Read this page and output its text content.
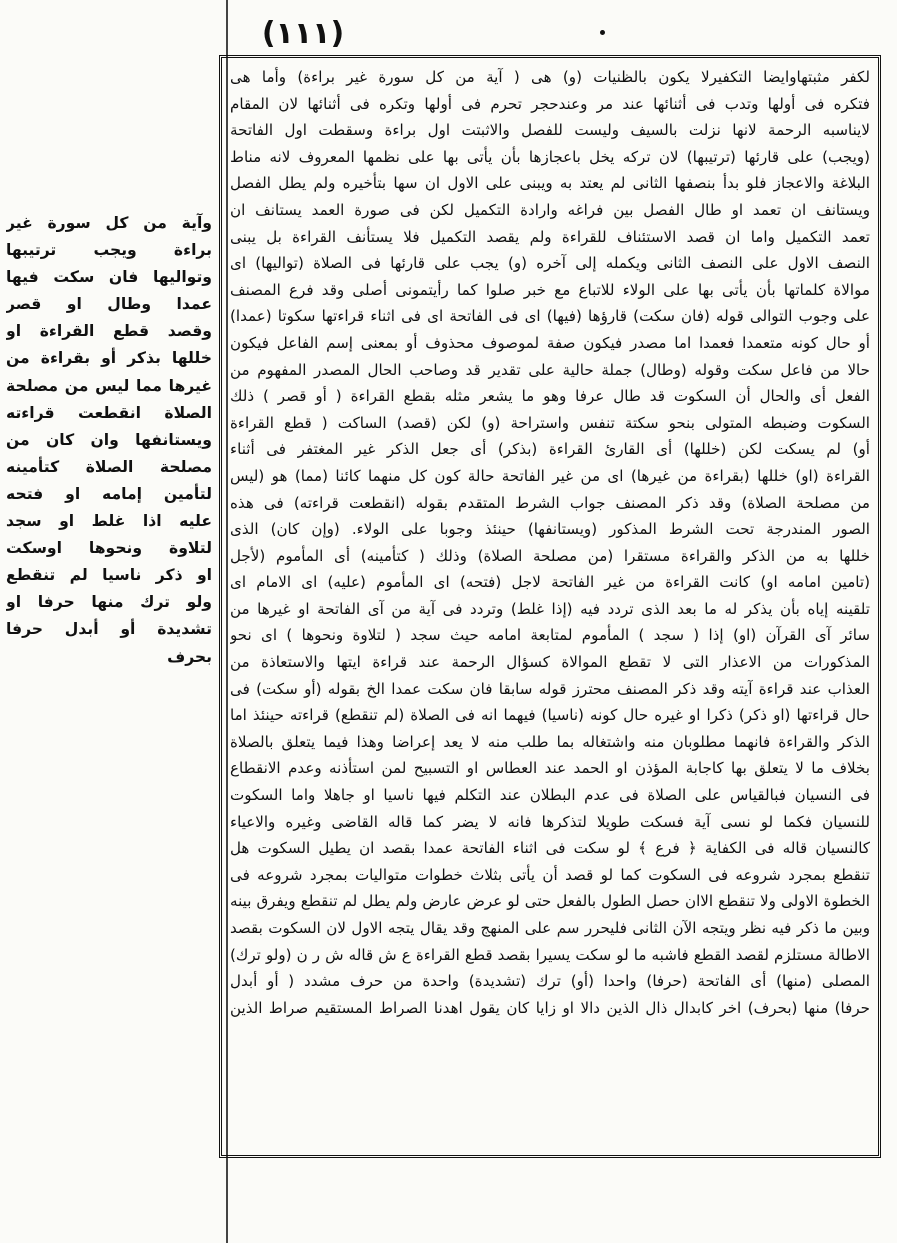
(١١١)
وآية من كل سورة غير
براءة ويجب ترتيبها
وتواليها فان سكت فيها
عمدا وطال او قصر
وقصد قطع القراءة او
خللها بذكر أو بقراءة من
غيرها مما ليس من مصلحة
الصلاة انقطعت قراءته
ويستانفها وان كان من
مصلحة الصلاة كتأمينه
لتأمين إمامه او فتحه
عليه اذا غلط او سجد
لتلاوة ونحوها اوسكت
او ذكر ناسيا لم تنقطع
ولو ترك منها حرفا او
تشديدة أو أبدل حرفا
بحرف
لكفر مثبتهاوايضا التكفيرلا يكون بالظنيات (و) هى ( آية من كل سورة غير براءة) وأما هى
فتكره فى أولها وتدب فى أثنائها عند مر وعندحجر تحرم فى أولها وتكره فى أثنائها لان المقام
لايناسبه الرحمة لانها نزلت بالسيف وليست للفصل والاثبتت اول براءة وسقطت اول الفاتحة
(ويجب) على قارئها (ترتيبها) لان تركه يخل باعجازها بأن يأتى بها على نظمها المعروف لانه مناط
البلاغة والاعجاز فلو بدأ بنصفها الثانى لم يعتد به ويبنى على الاول ان سها بتأخيره ولم يطل الفصل
ويستانف ان تعمد او طال الفصل بين فراغه وارادة التكميل لكن فى صورة العمد يستانف ان
تعمد التكميل واما ان قصد الاستئناف للقراءة ولم يقصد التكميل فلا يستأنف القراءة بل يبنى
النصف الاول على النصف الثانى ويكمله إلى آخره (و) يجب على قارئها فى الصلاة (توالیها) اى
موالاة كلماتها بأن يأتى بها على الولاء للاتباع مع خبر صلوا كما رأيتمونى أصلى وقد فرع المصنف
على وجوب التوالى قوله (فان سكت) قارؤها (فيها) اى فى الفاتحة اى فى اثناء قراءتها سكوتا (عمدا)
أو حال كونه متعمدا فعمدا اما مصدر فيكون صفة لموصوف محذوف أو بمعنى إسم الفاعل فيكون
حالا من فاعل سكت وقوله (وطال) جملة حالية على تقدير قد وصاحب الحال المصدر المفهوم من
الفعل أى والحال أن السكوت قد طال عرفا وهو ما يشعر مثله بقطع القراءة ( أو قصر ) ذلك
السكوت وضبطه المتولى بنحو سكتة تنفس واستراحة (و) لكن (قصد) الساكت ( قطع القراءة
أو) لم يسكت لكن (خللها) أى القارئ القراءة (بذكر) أى جعل الذكر غير المغتفر فى أثناء
القراءة (او) خللها (بقراءة من غيرها) اى من غير الفاتحة حالة كون كل منهما كائنا (مما) هو (ليس
من مصلحة الصلاة) وقد ذكر المصنف جواب الشرط المتقدم بقوله (انقطعت قراءته) فى هذه
الصور المندرجة تحت الشرط المذكور (ويستانفها) حينئذ وجوبا على الولاء. (وإن كان) الذى
خللها به من الذكر والقراءة مستقرا (من مصلحة الصلاة) وذلك ( كتأمينه) أى المأموم (لأجل
(تامين امامه او) كانت القراءة من غير الفاتحة لاجل (فتحه) اى المأموم (عليه) اى الامام اى
تلقينه إياه بأن يذكر له ما بعد الذى تردد فيه (إذا غلط) وتردد فى آية من آى الفاتحة او غيرها من
سائر آى القرآن (او) إذا ( سجد ) المأموم لمتابعة امامه حيث سجد ( لتلاوة ونحوها ) اى نحو
المذكورات من الاعذار التى لا تقطع الموالاة كسؤال الرحمة عند قراءة ايتها والاستعاذة من
العذاب عند قراءة آيته وقد ذكر المصنف محترز قوله سابقا فان سكت عمدا الخ بقوله (أو سكت) فى
حال قراءتها (او ذكر) ذكرا او غيره حال كونه (ناسيا) فيهما انه فى الصلاة (لم تنقطع) قراءته حينئذ اما
الذكر والقراءة فانهما مطلوبان منه واشتغاله بما طلب منه لا يعد إعراضا وهذا فيما يتعلق بالصلاة
بخلاف ما لا يتعلق بها كاجابة المؤذن او الحمد عند العطاس او التسبيح لمن استأذنه وعدم الانقطاع
فى النسيان فبالقياس على الصلاة فى عدم البطلان عند التكلم فيها ناسيا او جاهلا واما السكوت
للنسيان فكما لو نسى آية فسكت طويلا لتذكرها فانه لا يضر كما قاله القاضى وغيره والاعياء
كالنسيان قاله فى الكفاية ﴿ فرع ﴾ لو سكت فى اثناء الفاتحة عمدا بقصد ان يطيل السكوت هل
تنقطع بمجرد شروعه فى السكوت كما لو قصد أن يأتى بثلاث خطوات متواليات بمجرد شروعه فى
الخطوة الاولى ولا تنقطع الاان حصل الطول بالفعل حتى لو عرض عارض ولم يطل لم تنقطع ويفرق بينه
وبين ما ذكر فيه نظر ويتجه الآن الثانى فليحرر سم على المنهج وقد يقال يتجه الاول لان السكوت بقصد
الاطالة مستلزم لقصد القطع فاشبه ما لو سكت يسيرا بقصد قطع القراءة ع ش قاله ش ر ن (ولو ترك)
المصلى (منها) أى الفاتحة (حرفا) واحدا (أو) ترك (تشديدة) واحدة من حرف مشدد ( أو أبدل
حرفا) منها (بحرف) اخر كابدال ذال الذين دالا او زايا كان يقول اهدنا الصراط المستقيم صراط الذين
